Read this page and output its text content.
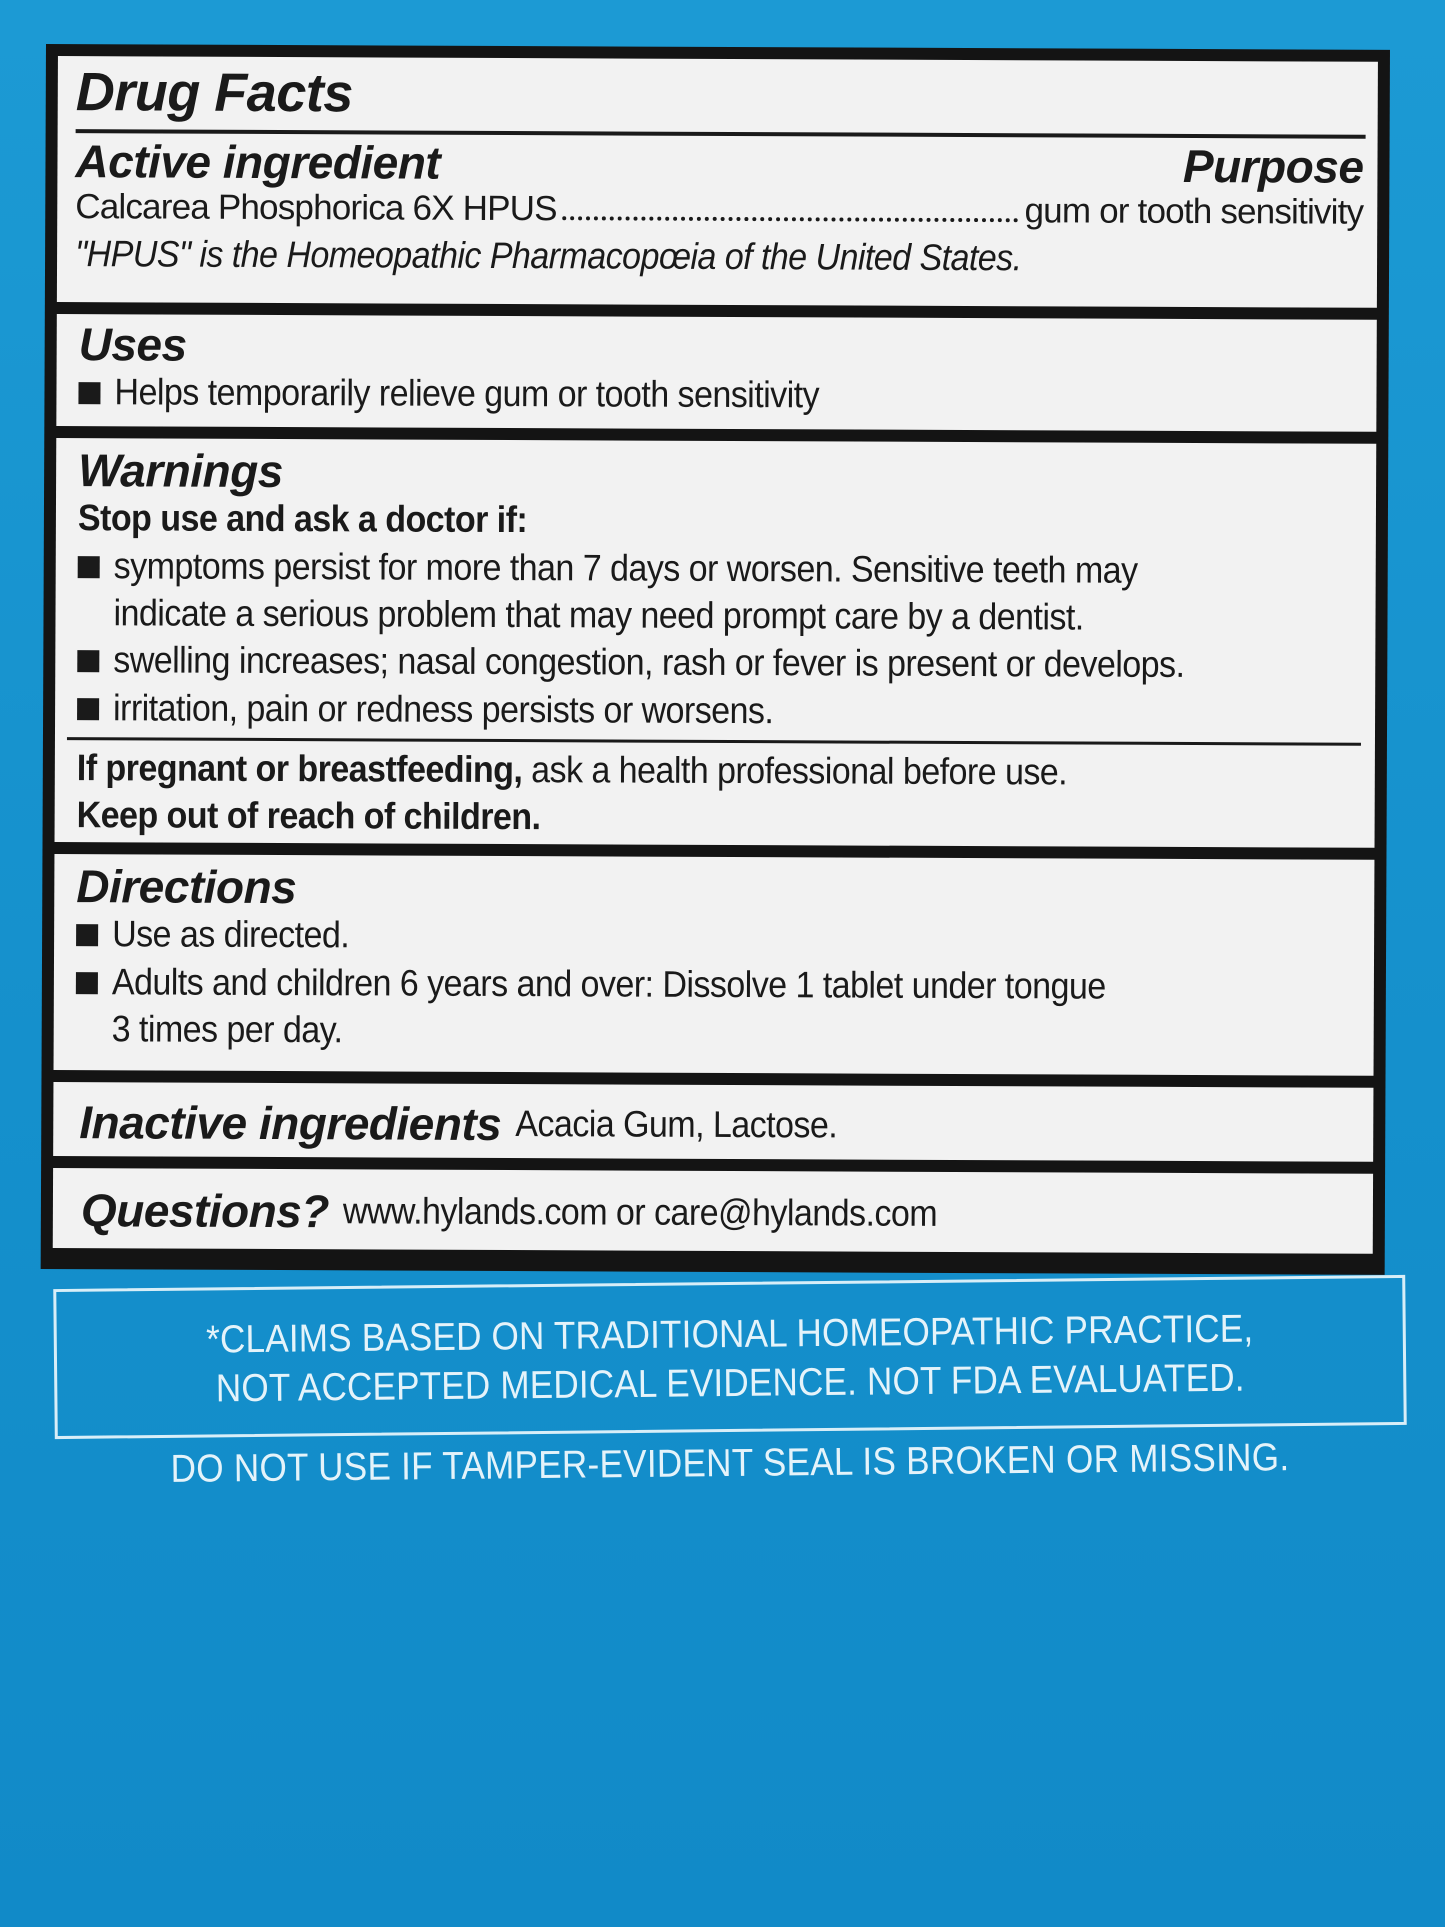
Drug Facts
Active ingredient	Purpose
Calcarea Phosphorica 6X HPUS	gum or tooth sensitivity
"HPUS" is the Homeopathic Pharmacopœia of the United States.
Uses
Helps temporarily relieve gum or tooth sensitivity
Warnings
Stop use and ask a doctor if:
symptoms persist for more than 7 days or worsen. Sensitive teeth may
indicate a serious problem that may need prompt care by a dentist.
swelling increases; nasal congestion, rash or fever is present or develops.
irritation, pain or redness persists or worsens.
If pregnant or breastfeeding, ask a health professional before use.
Keep out of reach of children.
Directions
Use as directed.
Adults and children 6 years and over: Dissolve 1 tablet under tongue
3 times per day.
Inactive ingredients Acacia Gum, Lactose.
Questions? www.hylands.com or care@hylands.com
*CLAIMS BASED ON TRADITIONAL HOMEOPATHIC PRACTICE,
NOT ACCEPTED MEDICAL EVIDENCE. NOT FDA EVALUATED.
DO NOT USE IF TAMPER-EVIDENT SEAL IS BROKEN OR MISSING.
